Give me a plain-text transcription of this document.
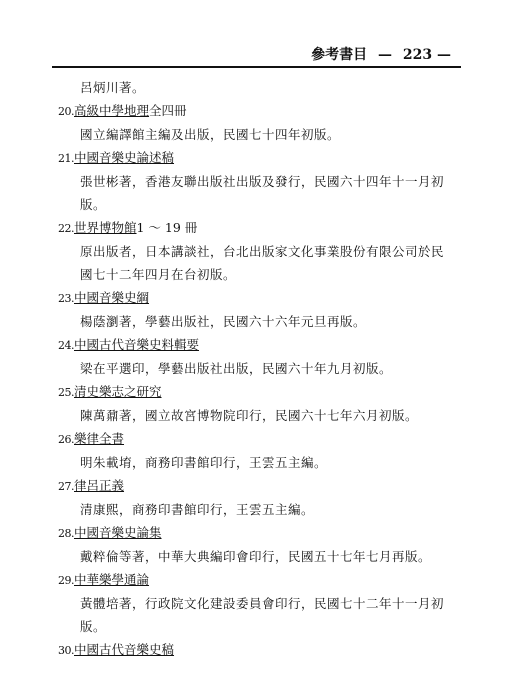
參考書目 — 223 —
呂炳川著。
20.高級中學地理全四冊
國立編譯館主編及出版，民國七十四年初版。
21.中國音樂史論述稿
張世彬著，香港友聯出版社出版及發行，民國六十四年十一月初
版。
22.世界博物館1 ～ 19 冊
原出版者，日本講談社，台北出版家文化事業股份有限公司於民
國七十二年四月在台初版。
23.中國音樂史綱
楊蔭瀏著，學藝出版社，民國六十六年元旦再版。
24.中國古代音樂史料輯要
梁在平選印，學藝出版社出版，民國六十年九月初版。
25.清史樂志之研究
陳萬鼐著，國立故宮博物院印行，民國六十七年六月初版。
26.樂律全書
明朱載堉，商務印書館印行，王雲五主編。
27.律呂正義
清康熙，商務印書館印行，王雲五主編。
28.中國音樂史論集
戴粹倫等著，中華大典編印會印行，民國五十七年七月再版。
29.中華樂學通論
黃體培著，行政院文化建設委員會印行，民國七十二年十一月初
版。
30.中國古代音樂史稿
